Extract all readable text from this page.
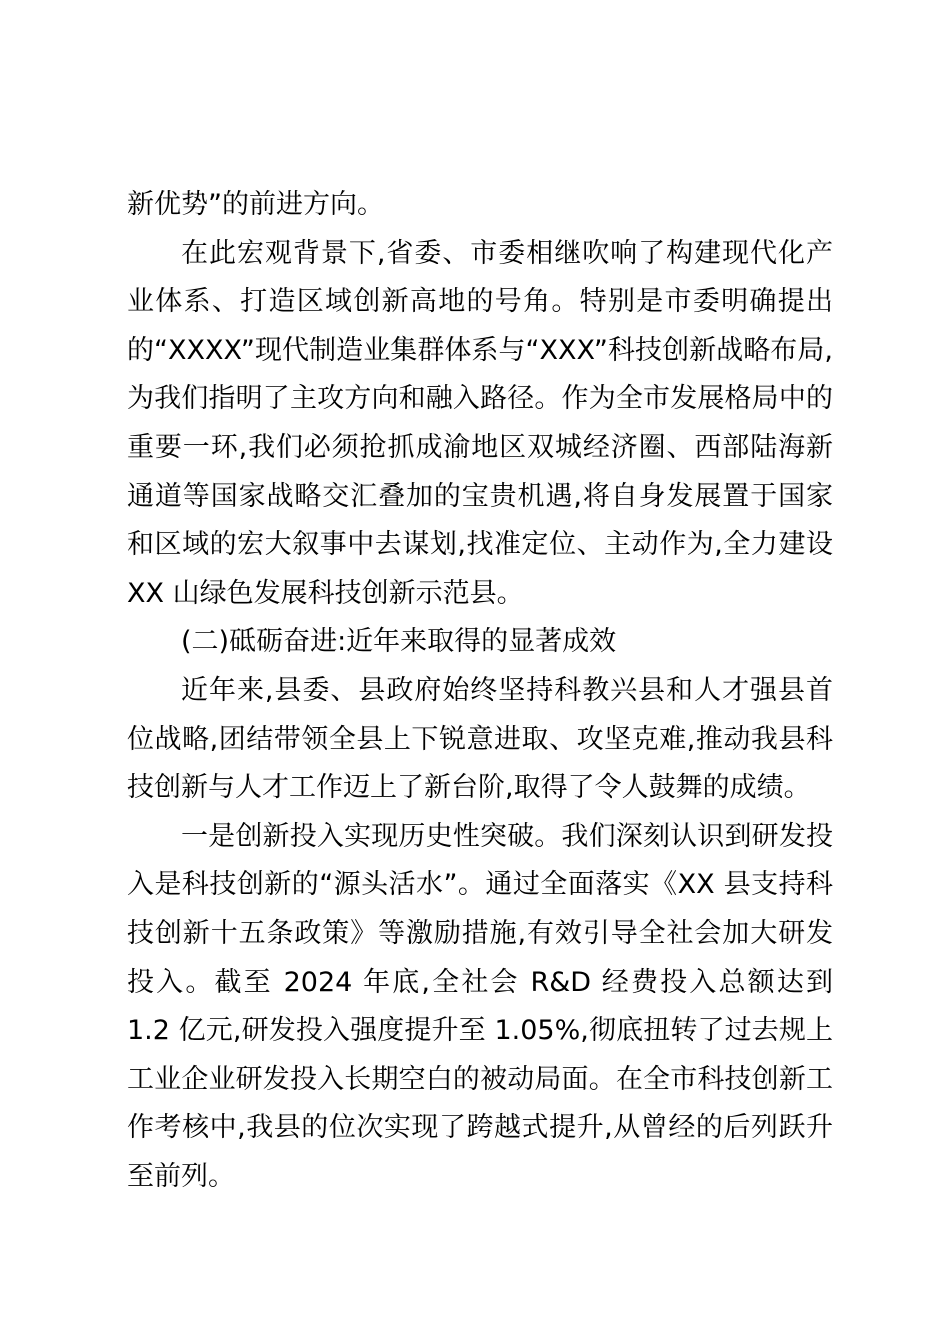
新优势”的前进方向。

在此宏观背景下,省委、市委相继吹响了构建现代化产业体系、打造区域创新高地的号角。特别是市委明确提出的“XXXX”现代制造业集群体系与“XXX”科技创新战略布局,为我们指明了主攻方向和融入路径。作为全市发展格局中的重要一环,我们必须抢抓成渝地区双城经济圈、西部陆海新通道等国家战略交汇叠加的宝贵机遇,将自身发展置于国家和区域的宏大叙事中去谋划,找准定位、主动作为,全力建设 XX 山绿色发展科技创新示范县。

(二)砥砺奋进:近年来取得的显著成效

近年来,县委、县政府始终坚持科教兴县和人才强县首位战略,团结带领全县上下锐意进取、攻坚克难,推动我县科技创新与人才工作迈上了新台阶,取得了令人鼓舞的成绩。

一是创新投入实现历史性突破。我们深刻认识到研发投入是科技创新的“源头活水”。通过全面落实《XX 县支持科技创新十五条政策》等激励措施,有效引导全社会加大研发投入。截至 2024 年底,全社会 R&D 经费投入总额达到 1.2 亿元,研发投入强度提升至 1.05%,彻底扭转了过去规上工业企业研发投入长期空白的被动局面。在全市科技创新工作考核中,我县的位次实现了跨越式提升,从曾经的后列跃升至前列。
